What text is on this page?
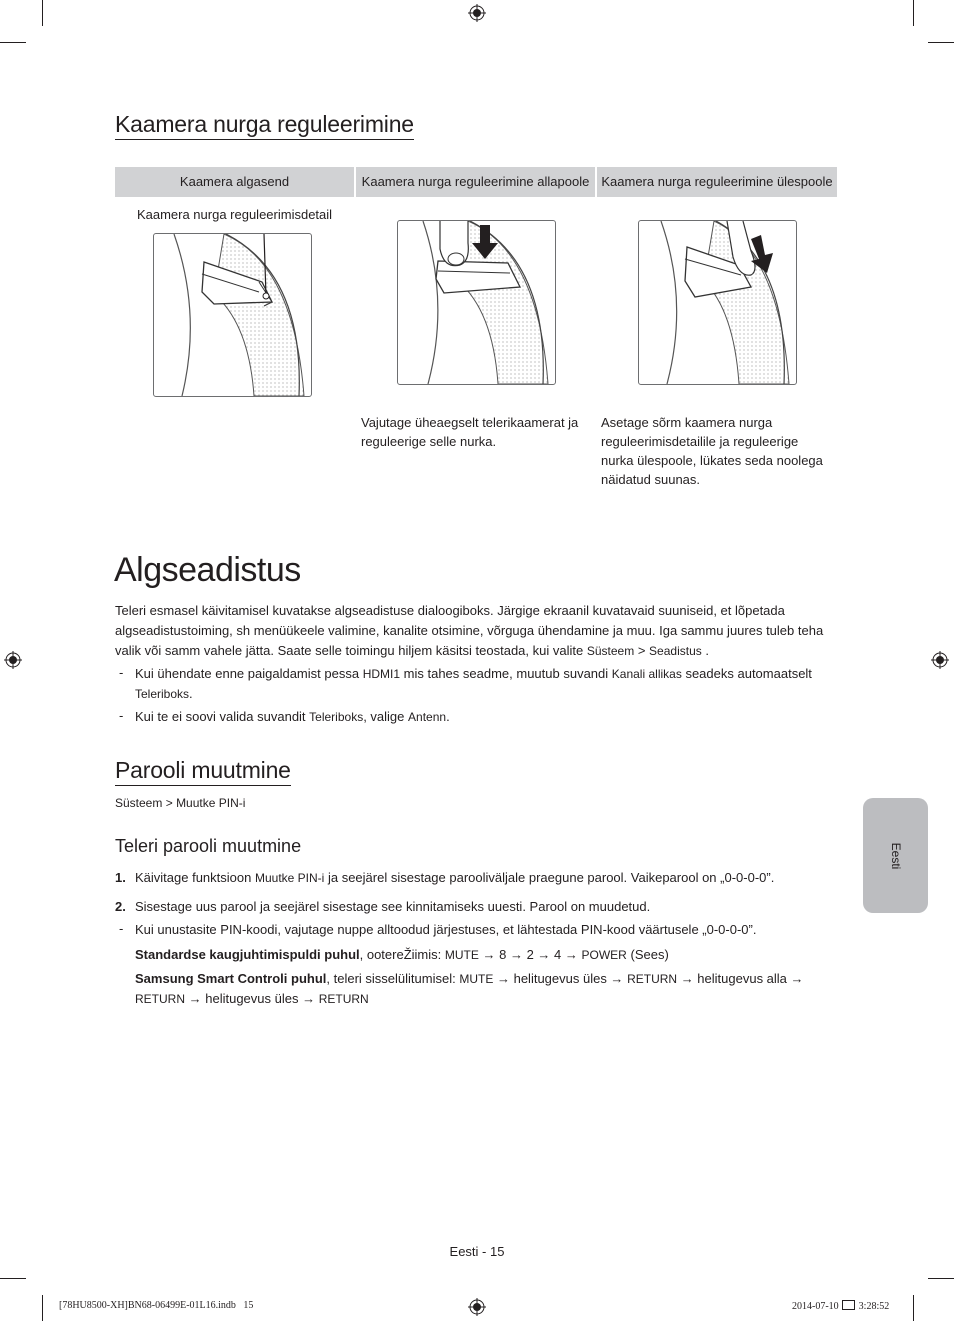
Kaamera nurga reguleerimine
Kaamera algasend	Kaamera nurga reguleerimine allapoole Kaamera nurga reguleerimine ülespoole
Kaamera nurga reguleerimisdetail
Vajutage üheaegselt telerikaamerat ja reguleerige selle nurka.
Asetage sõrm kaamera nurga reguleerimisdetailile ja reguleerige nurka ülespoole, lükates seda noolega näidatud suunas.
Algseadistus
Teleri esmasel käivitamisel kuvatakse algseadistuse dialoogiboks. Järgige ekraanil kuvatavaid suuniseid, et lõpetada algseadistustoiming, sh menüükeele valimine, kanalite otsimine, võrguga ühendamine ja muu. Iga sammu juures tuleb teha valik või samm vahele jätta. Saate selle toimingu hiljem käsitsi teostada, kui valite Süsteem > Seadistus .
- Kui ühendate enne paigaldamist pessa HDMI1 mis tahes seadme, muutub suvandi Kanali allikas seadeks automaatselt
Teleriboks.
- Kui te ei soovi valida suvandit Teleriboks, valige Antenn.
Parooli muutmine
Süsteem > Muutke PIN-i
Teleri parooli muutmine
1. Käivitage funktsioon Muutke PIN-i ja seejärel sisestage paroolivälјale praegune parool. Vaikeparool on „0-0-0-0”.
2. Sisestage uus parool ja seejärel sisestage see kinnitamiseks uuesti. Parool on muudetud.
- Kui unustasite PIN-koodi, vajutage nuppe alltoodud järjestuses, et lähtestada PIN-kood väärtusele „0-0-0-0”.
Standardse kaugjuhtimispuldi puhul, ootereŽiimis: MUTE → 8 → 2 → 4 → POWER (Sees)
Samsung Smart Controli puhul, teleri sisselülitumisel: MUTE → helitugevus üles → RETURN → helitugevus alla →
RETURN → helitugevus üles → RETURN
Eesti
Eesti - 15
[78HU8500-XH]BN68-06499E-01L16.indb   15	2014-07-10 3:28:52
